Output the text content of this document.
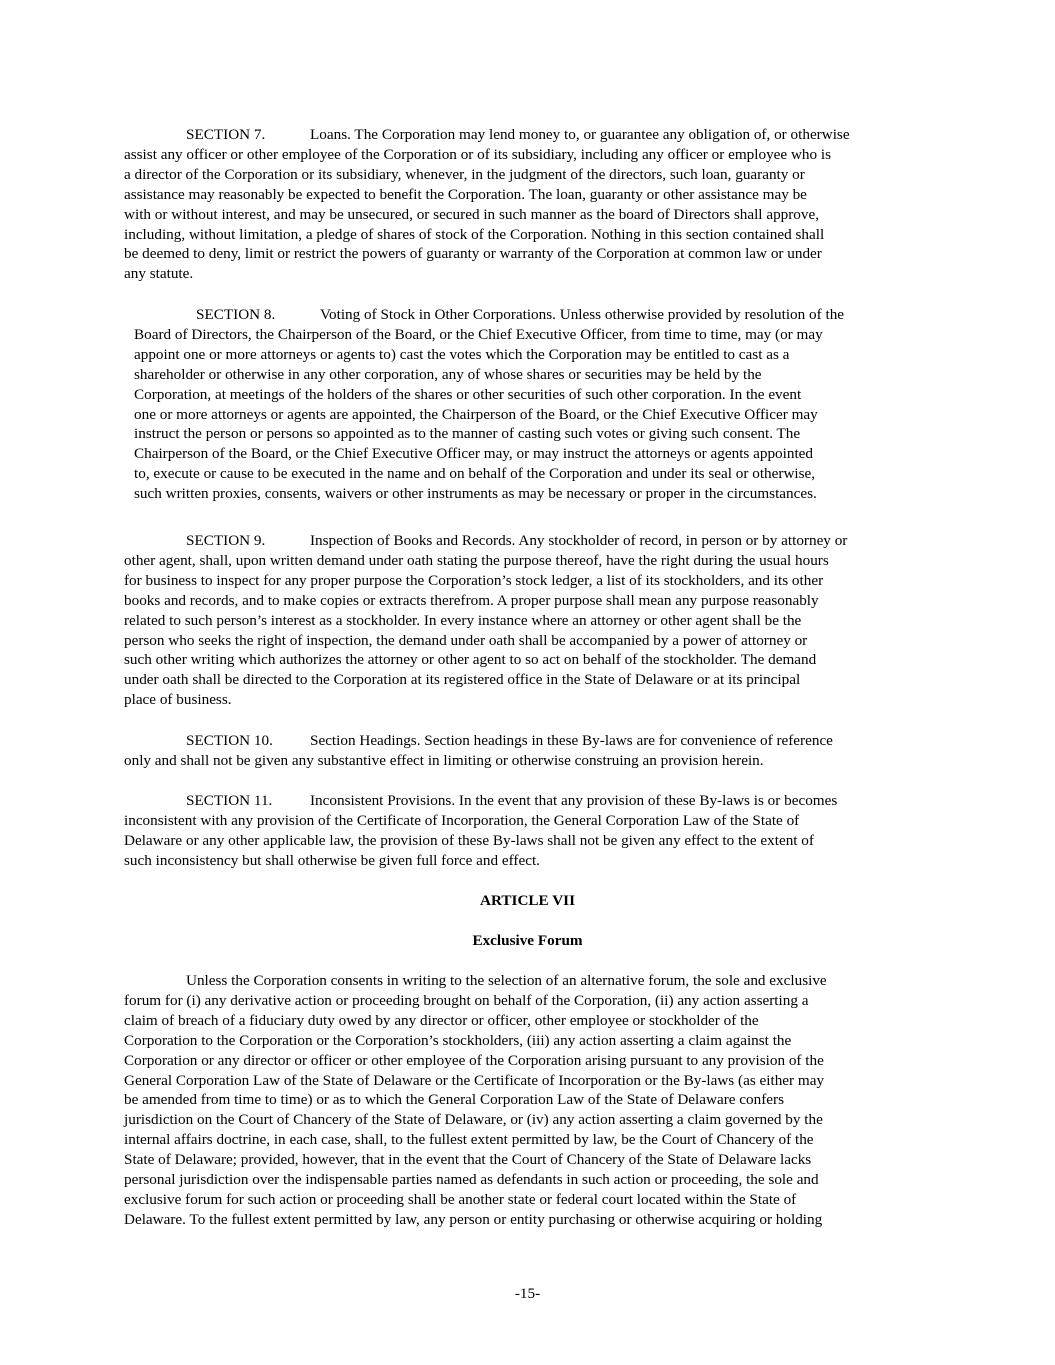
SECTION 7.	Loans. The Corporation may lend money to, or guarantee any obligation of, or otherwise
assist any officer or other employee of the Corporation or of its subsidiary, including any officer or employee who is
a director of the Corporation or its subsidiary, whenever, in the judgment of the directors, such loan, guaranty or
assistance may reasonably be expected to benefit the Corporation. The loan, guaranty or other assistance may be
with or without interest, and may be unsecured, or secured in such manner as the board of Directors shall approve,
including, without limitation, a pledge of shares of stock of the Corporation. Nothing in this section contained shall
be deemed to deny, limit or restrict the powers of guaranty or warranty of the Corporation at common law or under
any statute.
SECTION 8.	Voting of Stock in Other Corporations. Unless otherwise provided by resolution of the
Board of Directors, the Chairperson of the Board, or the Chief Executive Officer, from time to time, may (or may
appoint one or more attorneys or agents to) cast the votes which the Corporation may be entitled to cast as a
shareholder or otherwise in any other corporation, any of whose shares or securities may be held by the
Corporation, at meetings of the holders of the shares or other securities of such other corporation. In the event
one or more attorneys or agents are appointed, the Chairperson of the Board, or the Chief Executive Officer may
instruct the person or persons so appointed as to the manner of casting such votes or giving such consent. The
Chairperson of the Board, or the Chief Executive Officer may, or may instruct the attorneys or agents appointed
to, execute or cause to be executed in the name and on behalf of the Corporation and under its seal or otherwise,
such written proxies, consents, waivers or other instruments as may be necessary or proper in the circumstances.
SECTION 9.	Inspection of Books and Records. Any stockholder of record, in person or by attorney or
other agent, shall, upon written demand under oath stating the purpose thereof, have the right during the usual hours
for business to inspect for any proper purpose the Corporation’s stock ledger, a list of its stockholders, and its other
books and records, and to make copies or extracts therefrom. A proper purpose shall mean any purpose reasonably
related to such person’s interest as a stockholder. In every instance where an attorney or other agent shall be the
person who seeks the right of inspection, the demand under oath shall be accompanied by a power of attorney or
such other writing which authorizes the attorney or other agent to so act on behalf of the stockholder. The demand
under oath shall be directed to the Corporation at its registered office in the State of Delaware or at its principal
place of business.
SECTION 10. Section Headings. Section headings in these By-laws are for convenience of reference
only and shall not be given any substantive effect in limiting or otherwise construing an provision herein.
SECTION 11. Inconsistent Provisions. In the event that any provision of these By-laws is or becomes
inconsistent with any provision of the Certificate of Incorporation, the General Corporation Law of the State of
Delaware or any other applicable law, the provision of these By-laws shall not be given any effect to the extent of
such inconsistency but shall otherwise be given full force and effect.
ARTICLE VII
Exclusive Forum
Unless the Corporation consents in writing to the selection of an alternative forum, the sole and exclusive
forum for (i) any derivative action or proceeding brought on behalf of the Corporation, (ii) any action asserting a
claim of breach of a fiduciary duty owed by any director or officer, other employee or stockholder of the
Corporation to the Corporation or the Corporation’s stockholders, (iii) any action asserting a claim against the
Corporation or any director or officer or other employee of the Corporation arising pursuant to any provision of the
General Corporation Law of the State of Delaware or the Certificate of Incorporation or the By-laws (as either may
be amended from time to time) or as to which the General Corporation Law of the State of Delaware confers
jurisdiction on the Court of Chancery of the State of Delaware, or (iv) any action asserting a claim governed by the
internal affairs doctrine, in each case, shall, to the fullest extent permitted by law, be the Court of Chancery of the
State of Delaware; provided, however, that in the event that the Court of Chancery of the State of Delaware lacks
personal jurisdiction over the indispensable parties named as defendants in such action or proceeding, the sole and
exclusive forum for such action or proceeding shall be another state or federal court located within the State of
Delaware. To the fullest extent permitted by law, any person or entity purchasing or otherwise acquiring or holding
-15-
